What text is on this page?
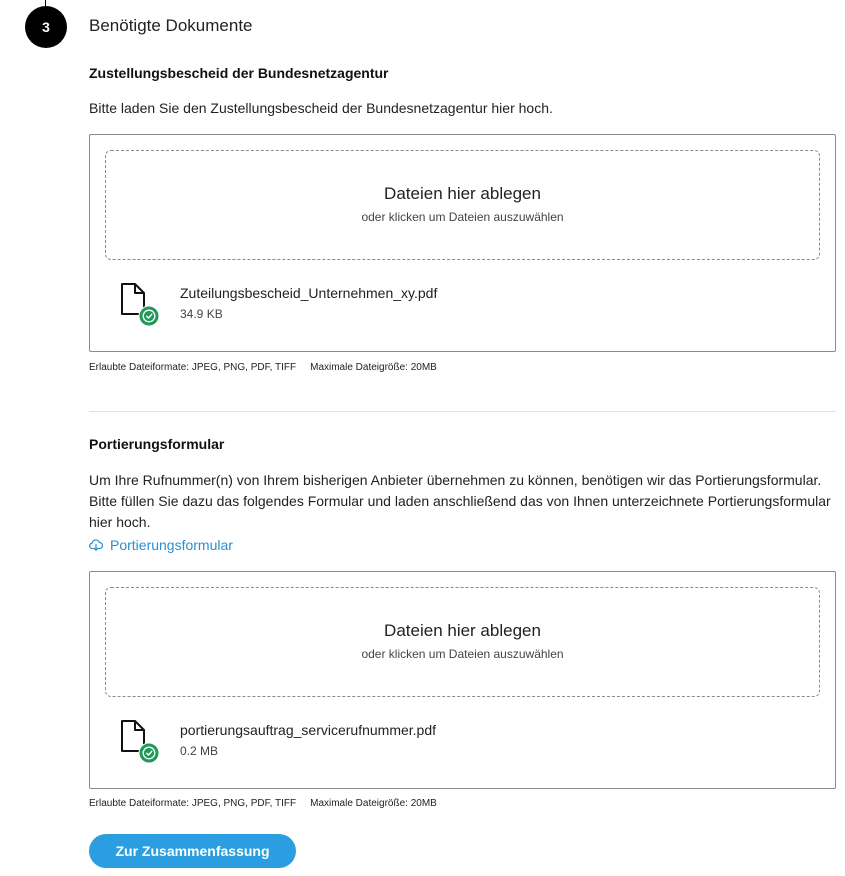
3	Benötigte Dokumente
Zustellungsbescheid der Bundesnetzagentur
Bitte laden Sie den Zustellungsbescheid der Bundesnetzagentur hier hoch.
Dateien hier ablegen
oder klicken um Dateien auszuwählen
Zuteilungsbescheid_Unternehmen_xy.pdf
34.9 KB
Erlaubte Dateiformate: JPEG, PNG, PDF, TIFF Maximale Dateigröße: 20MB
Portierungsformular
Um Ihre Rufnummer(n) von Ihrem bisherigen Anbieter übernehmen zu können, benötigen wir das Portierungsformular. Bitte füllen Sie dazu das folgendes Formular und laden anschließend das von Ihnen unterzeichnete Portierungsformular hier hoch.
Portierungsformular
Dateien hier ablegen
oder klicken um Dateien auszuwählen
portierungsauftrag_servicerufnummer.pdf
0.2 MB
Erlaubte Dateiformate: JPEG, PNG, PDF, TIFF Maximale Dateigröße: 20MB
Zur Zusammenfassung
